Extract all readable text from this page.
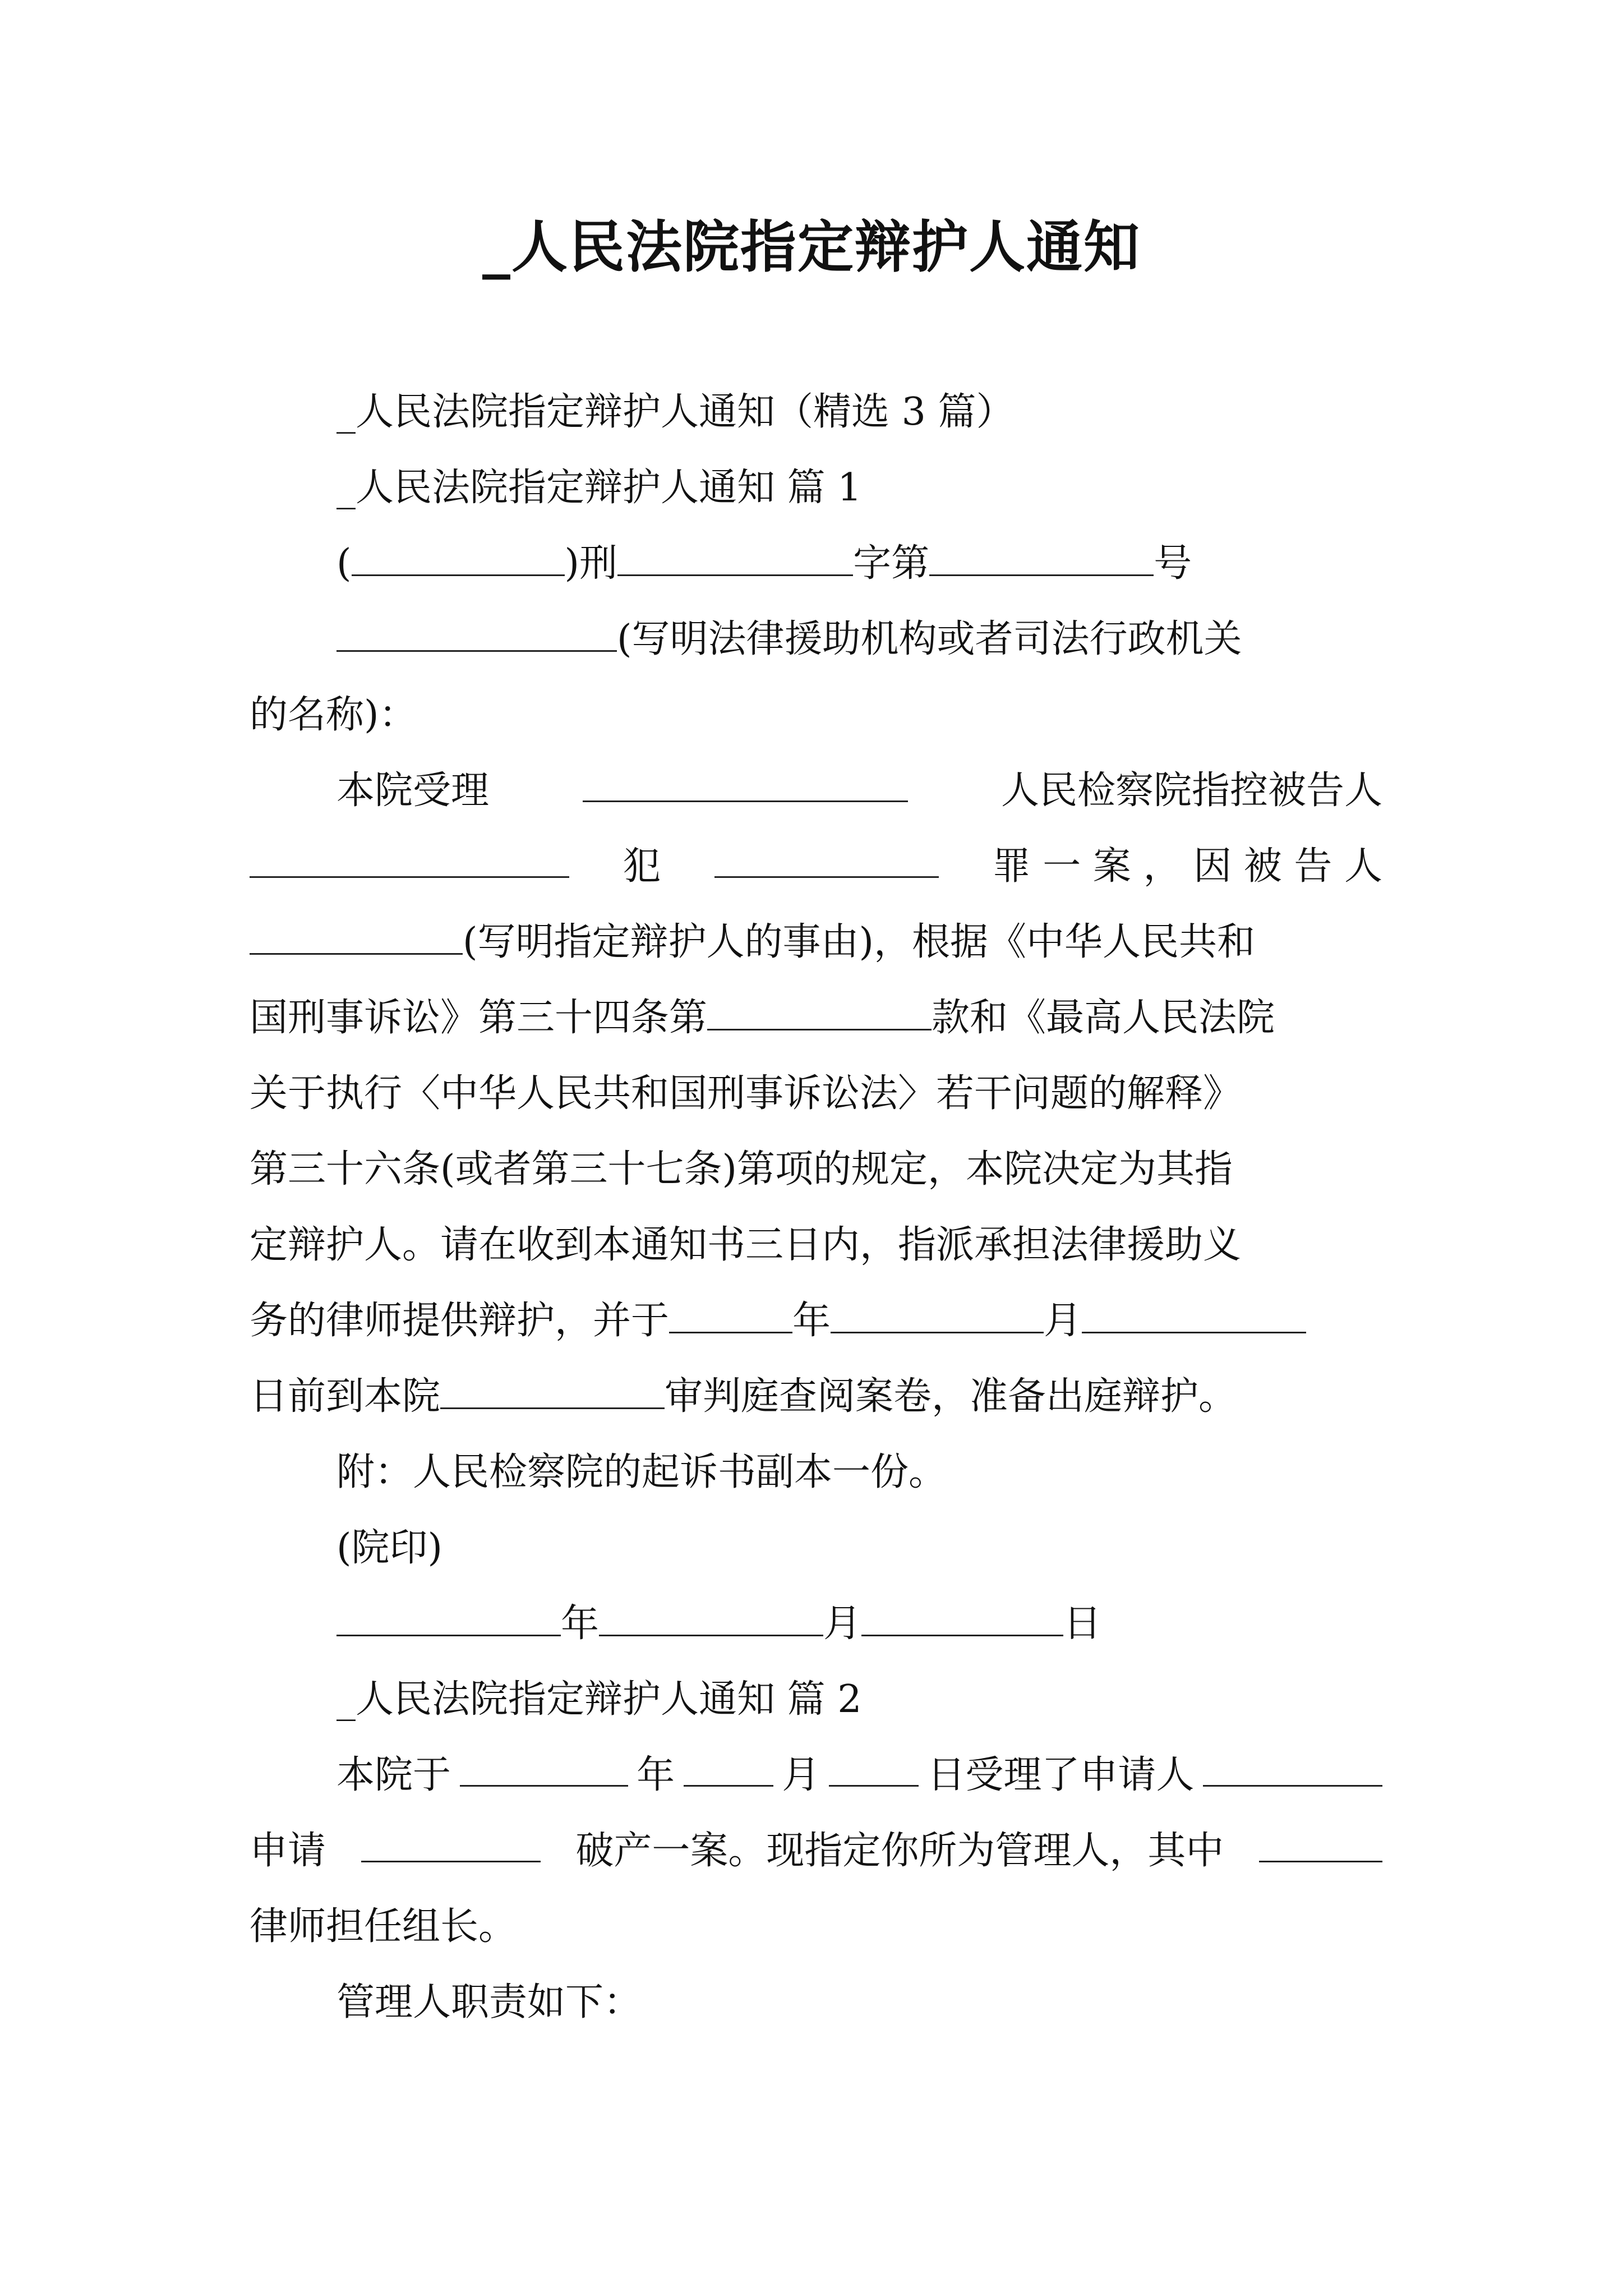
_人民法院指定辩护人通知
_人民法院指定辩护人通知（精选 3 篇）
_人民法院指定辩护人通知 篇 1
(	)刑	字第	号
(写明法律援助机构或者司法行政机关
的名称)：
本院受理	人民检察院指控被告人
犯	罪 一 案 ， 因 被 告 人
(写明指定辩护人的事由)，根据《中华人民共和
国刑事诉讼》第三十四条第	款和《最高人民法院
关于执行〈中华人民共和国刑事诉讼法〉若干问题的解释》
第三十六条(或者第三十七条)第项的规定，本院决定为其指
定辩护人。请在收到本通知书三日内，指派承担法律援助义
务的律师提供辩护，并于	年	月
日前到本院	审判庭查阅案卷，准备出庭辩护。
附：人民检察院的起诉书副本一份。
(院印)
年	月	日
_人民法院指定辩护人通知 篇 2
本院于	年	月	日受理了申请人
申请	破产一案。现指定你所为管理人，其中
律师担任组长。
管理人职责如下：
